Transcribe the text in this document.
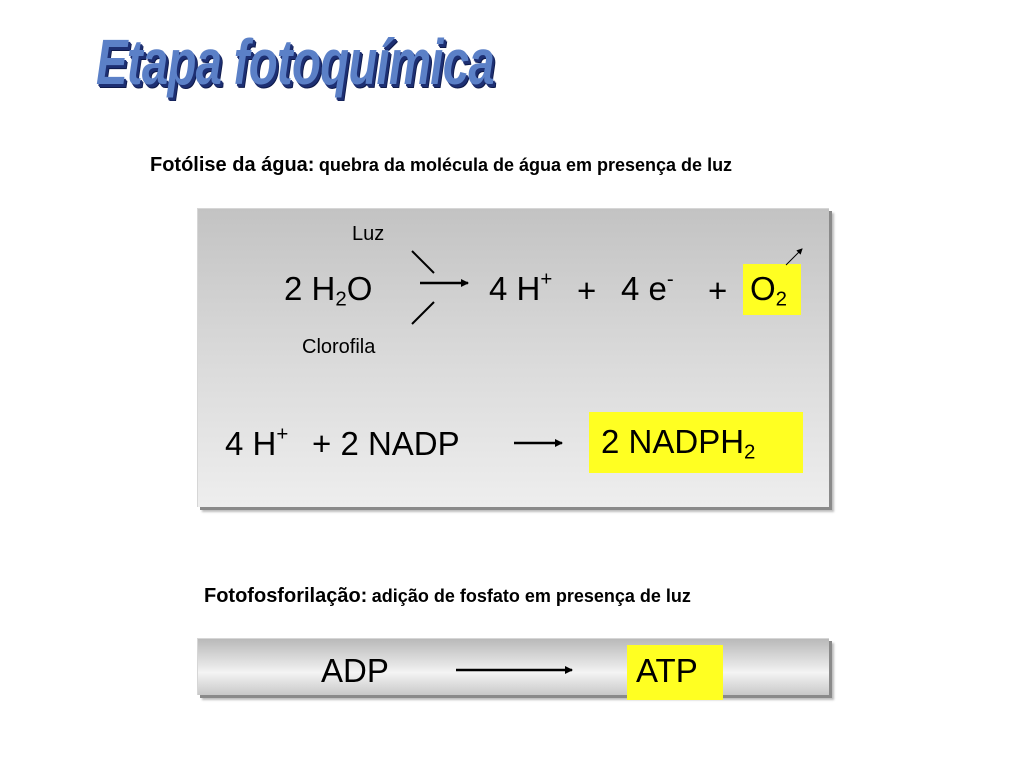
Etapa fotoquímica
Fotólise da água: quebra da molécula de água em presença de luz
Luz
Clorofila
2 $H_2O$	4 H+ + 4 $e^- + O_2$
4 H+ + 2 NADP	2 $NADPH_2$
Fotofosforilação: adição de fosfato em presença de luz
ADP	ATP
